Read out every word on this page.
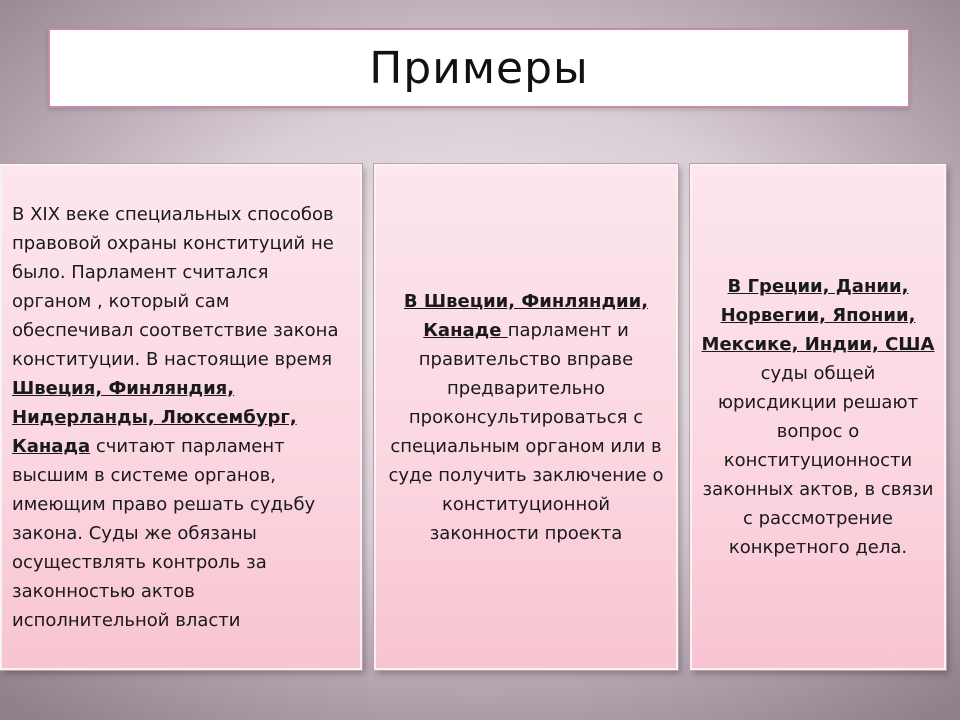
Примеры
В XIX веке специальных способов правовой охраны конституций не было. Парламент считался органом , который сам обеспечивал соответствие закона конституции. В настоящие время Швеция, Финляндия, Нидерланды, Люксембург, Канада считают парламент высшим в системе органов, имеющим право решать судьбу закона. Суды же обязаны осуществлять контроль за законностью актов исполнительной власти
В Швеции, Финляндии, Канаде парламент и правительство вправе предварительно проконсультироваться с специальным органом или в суде получить заключение о конституционной законности проекта
В Греции, Дании, Норвегии, Японии, Мексике, Индии, США суды общей юрисдикции решают вопрос о конституционности законных актов, в связи с рассмотрение конкретного дела.
